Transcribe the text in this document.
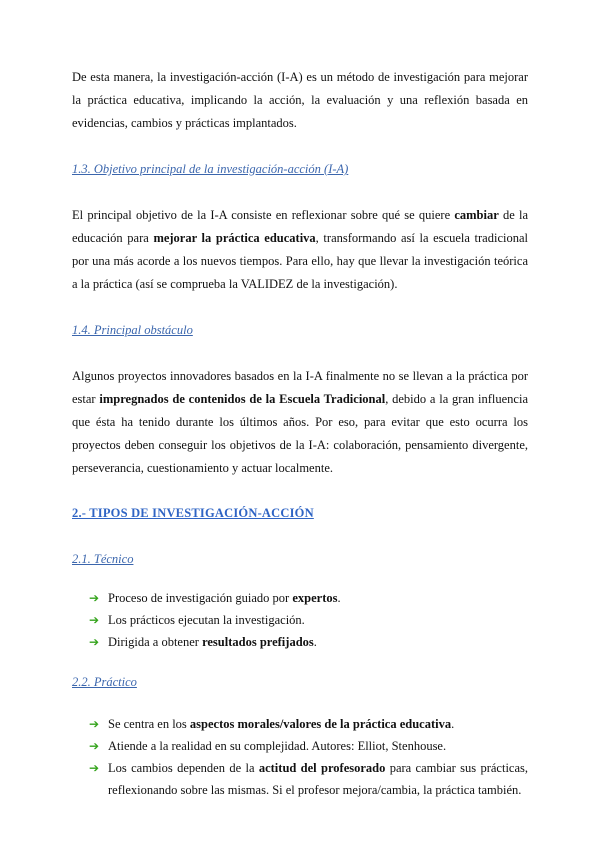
De esta manera, la investigación-acción (I-A) es un método de investigación para mejorar la práctica educativa, implicando la acción, la evaluación y una reflexión basada en evidencias, cambios y prácticas implantados.

1.3. Objetivo principal de la investigación-acción (I-A)

El principal objetivo de la I-A consiste en reflexionar sobre qué se quiere cambiar de la educación para mejorar la práctica educativa, transformando así la escuela tradicional por una más acorde a los nuevos tiempos. Para ello, hay que llevar la investigación teórica a la práctica (así se comprueba la VALIDEZ de la investigación).

1.4. Principal obstáculo

Algunos proyectos innovadores basados en la I-A finalmente no se llevan a la práctica por estar impregnados de contenidos de la Escuela Tradicional, debido a la gran influencia que ésta ha tenido durante los últimos años. Por eso, para evitar que esto ocurra los proyectos deben conseguir los objetivos de la I-A: colaboración, pensamiento divergente, perseverancia, cuestionamiento y actuar localmente.

2.- TIPOS DE INVESTIGACIÓN-ACCIÓN
2.1. Técnico
➔ Proceso de investigación guiado por expertos.
➔ Los prácticos ejecutan la investigación.
➔ Dirigida a obtener resultados prefijados.
2.2. Práctico
➔ Se centra en los aspectos morales/valores de la práctica educativa.
➔ Atiende a la realidad en su complejidad. Autores: Elliot, Stenhouse.
➔ Los cambios dependen de la actitud del profesorado para cambiar sus prácticas, reflexionando sobre las mismas. Si el profesor mejora/cambia, la práctica también.
